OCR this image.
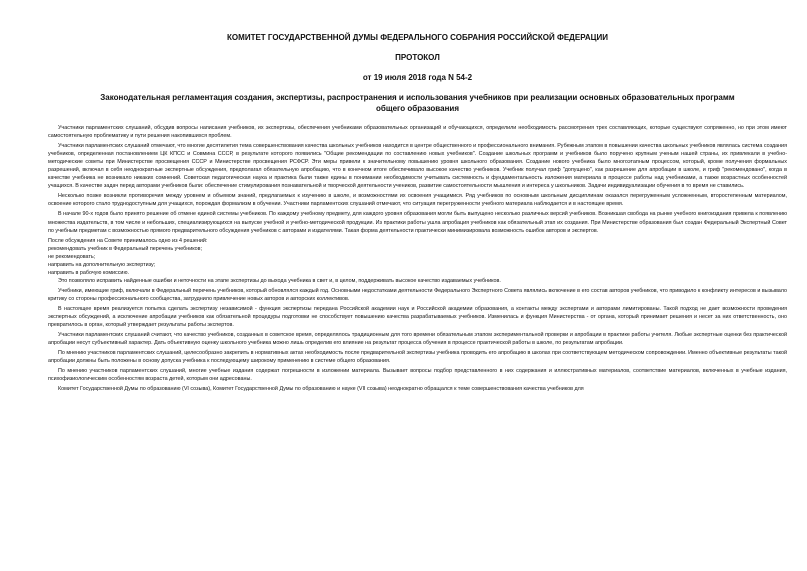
КОМИТЕТ ГОСУДАРСТВЕННОЙ ДУМЫ ФЕДЕРАЛЬНОГО СОБРАНИЯ РОССИЙСКОЙ ФЕДЕРАЦИИ
ПРОТОКОЛ
от 19 июля 2018 года N 54-2
Законодательная регламентация создания, экспертизы, распространения и использования учебников при реализации основных образовательных программ общего образования

Участники парламентских слушаний, обсудив вопросы написания учебников, их экспертизы, обеспечения учебниками образовательных организаций и обучающихся, определили необходимость рассмотрения трех составляющих, которые существуют сопряженно, но при этом имеют самостоятельную проблематику и пути решения накопившихся проблем.

Участники парламентских слушаний отмечают, что многие десятилетия тема совершенствования качества школьных учебников находится в центре общественного и профессионального внимания. Рубежным этапом в повышении качества школьных учебников являлась система создания учебников, определенная постановлением ЦК КПСС и Совмина СССР, в результате которого появились "Общие рекомендации по составлению новых учебников". Создание школьных программ и учебников было поручено крупным ученым нашей страны, их привлекали в учебно-методические советы при Министерстве просвещения СССР и Министерстве просвещения РСФСР. Эти меры привели к значительному повышению уровня школьного образования. Создание нового учебника было многоэтапным процессом, который, кроме получения формальных разрешений, включал в себя неоднократные экспертные обсуждения, предполагал обязательную апробацию, что в конечном итоге обеспечивало высокое качество учебников. Учебник получал гриф "допущено", как разрешение для апробации в школе, и гриф "рекомендовано", когда в качестве учебника не возникало никаких сомнений. Советская педагогическая наука и практика были также едины в понимании необходимости учитывать системность и фундаментальность изложения материала в процессе работы над учебниками, а также возрастных особенностей учащихся. В качестве задач перед авторами учебников были: обеспечение стимулирования познавательной и творческой деятельности учеников, развитие самостоятельности мышления и интереса у школьников. Задачи индивидуализации обучения в то время не ставились.

Несколько позже возникли противоречия между уровнем и объемом знаний, предлагаемых к изучению в школе, и возможностями их освоения учащимися. Ряд учебников по основным школьным дисциплинам оказался перегруженным усложненным, второстепенным материалом, освоение которого стало труднодоступным для учащихся, порождая формализм в обучении. Участники парламентских слушаний отмечают, что ситуация перегруженности учебного материала наблюдается и в настоящее время.

В начале 90-х годов было принято решение об отмене единой системы учебников. По каждому учебному предмету, для каждого уровня образования могли быть выпущено несколько различных версий учебников. Возникшая свобода на рынке учебного книгоиздания привела к появлению множества издательств, в том числе и небольших, специализирующихся на выпуске учебной и учебно-методической продукции. Из практики работы ушла апробация учебников как обязательный этап их создания. При Министерстве образования был создан Федеральный Экспертный Совет по учебным предметам с возможностью прямого предварительного обсуждения учебников с авторами и издателями. Такая форма деятельности практически минимизировала возможность ошибок авторов и экспертов.

После обсуждения на Совете принималось одно из 4 решений:

рекомендовать учебник в Федеральный перечень учебников;

не рекомендовать;

направить на дополнительную экспертизу;

направить в рабочую комиссию.

Это позволяло исправить найденные ошибки и неточности на этапе экспертизы до выхода учебника в свет и, в целом, поддерживать высокое качество издаваемых учебников.

Учебники, имеющие гриф, включали в Федеральный перечень учебников, который обновлялся каждый год. Основными недостатками деятельности Федерального Экспертного Совета являлись включение в его состав авторов учебников, что приводило к конфликту интересов и вызывало критику со стороны профессионального сообщества, затруднило привлечение новых авторов и авторских коллективов.

В настоящее время реализуется попытка сделать экспертизу независимой - функция экспертизы передана Российской академии наук и Российской академии образования, а контакты между экспертами и авторами лимитированы. Такой подход не дает возможности проведения экспертных обсуждений, а исключение апробации учебников как обязательной процедуры подготовки не способствует повышению качества разрабатываемых учебников. Изменилась и функция Министерства - от органа, который принимает решения и несет за них ответственность, оно превратилось в орган, который утверждает результаты работы экспертов.

Участники парламентских слушаний считают, что качество учебников, созданных в советское время, определялось традиционным для того времени обязательным этапом экспериментальной проверки и апробации в практике работы учителя. Любые экспертные оценки без практической апробации несут субъективный характер. Дать объективную оценку школьного учебника можно лишь определив его влияние на результат процесса обучения в процессе практической работы в школе, по результатам апробации.

По мнению участников парламентских слушаний, целесообразно закрепить в нормативных актах необходимость после предварительной экспертизы учебника проводить его апробацию в школах при соответствующем методическом сопровождении. Именно объективные результаты такой апробации должны быть положены в основу допуска учебника к последующему широкому применению в системе общего образования.

По мнению участников парламентских слушаний, многие учебные издания содержат погрешности в изложении материала. Вызывает вопросы подбор представленного в них содержания и иллюстративных материалов, соответствие материалов, включенных в учебные издания, психофизиологическим особенностям возраста детей, которым они адресованы.

Комитет Государственной Думы по образованию (VI созыва), Комитет Государственной Думы по образованию и науке (VII созыва) неоднократно обращался к теме совершенствования качества учебников для
